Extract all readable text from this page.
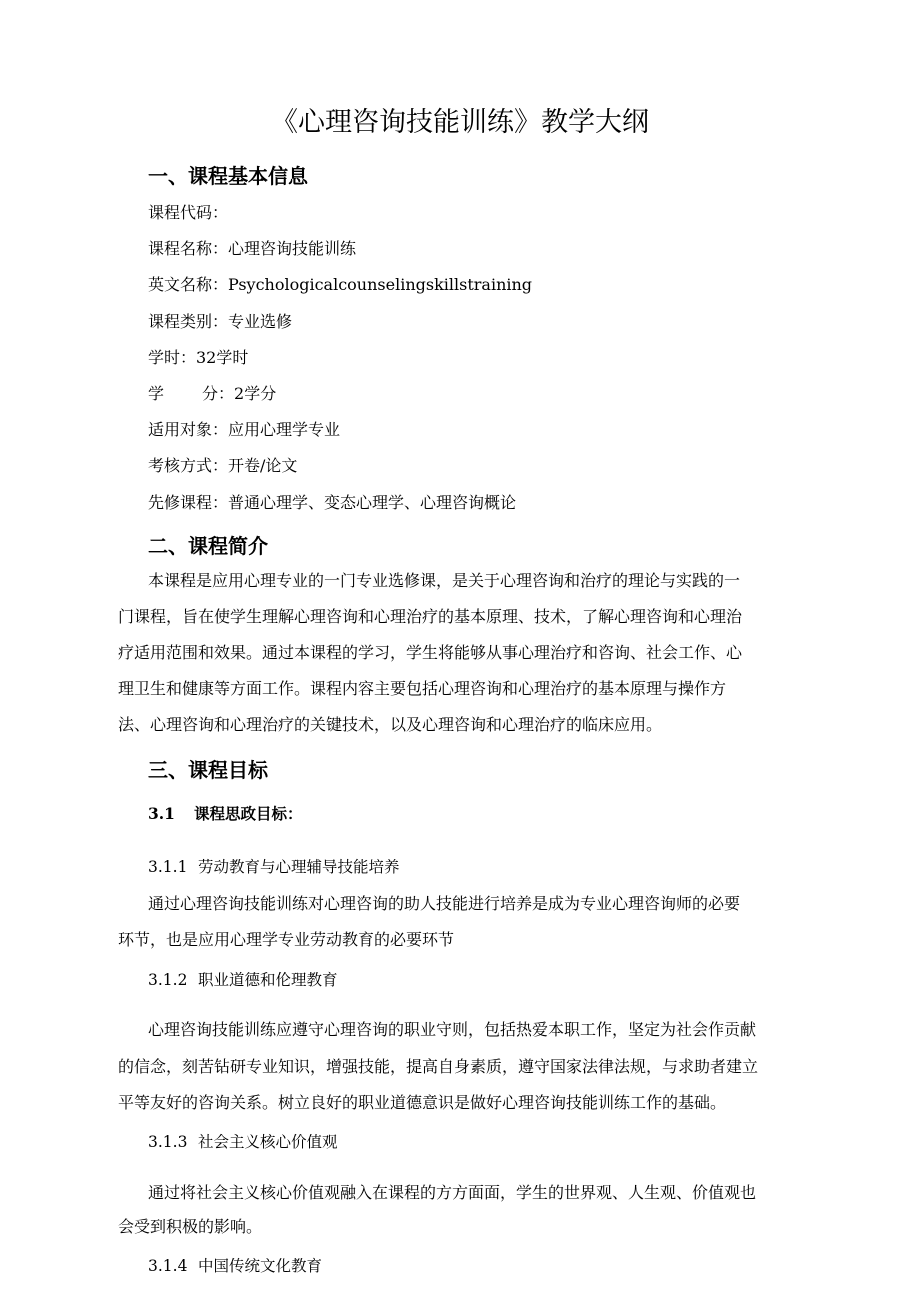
《心理咨询技能训练》教学大纲
一、课程基本信息
课程代码：
课程名称：心理咨询技能训练
英文名称：Psychologicalcounselingskillstraining
课程类别：专业选修
学时：32学时
学 分：2学分
适用对象：应用心理学专业
考核方式：开卷/论文
先修课程：普通心理学、变态心理学、心理咨询概论
二、课程简介
本课程是应用心理专业的一门专业选修课，是关于心理咨询和治疗的理论与实践的一
门课程，旨在使学生理解心理咨询和心理治疗的基本原理、技术，了解心理咨询和心理治
疗适用范围和效果。通过本课程的学习，学生将能够从事心理治疗和咨询、社会工作、心
理卫生和健康等方面工作。课程内容主要包括心理咨询和心理治疗的基本原理与操作方
法、心理咨询和心理治疗的关键技术，以及心理咨询和心理治疗的临床应用。
三、课程目标
3.1 课程思政目标：
3.1.1 劳动教育与心理辅导技能培养
通过心理咨询技能训练对心理咨询的助人技能进行培养是成为专业心理咨询师的必要
环节，也是应用心理学专业劳动教育的必要环节
3.1.2 职业道德和伦理教育
心理咨询技能训练应遵守心理咨询的职业守则，包括热爱本职工作，坚定为社会作贡献
的信念，刻苦钻研专业知识，增强技能，提高自身素质，遵守国家法律法规，与求助者建立
平等友好的咨询关系。树立良好的职业道德意识是做好心理咨询技能训练工作的基础。
3.1.3 社会主义核心价值观
通过将社会主义核心价值观融入在课程的方方面面，学生的世界观、人生观、价值观也
会受到积极的影响。
3.1.4 中国传统文化教育
